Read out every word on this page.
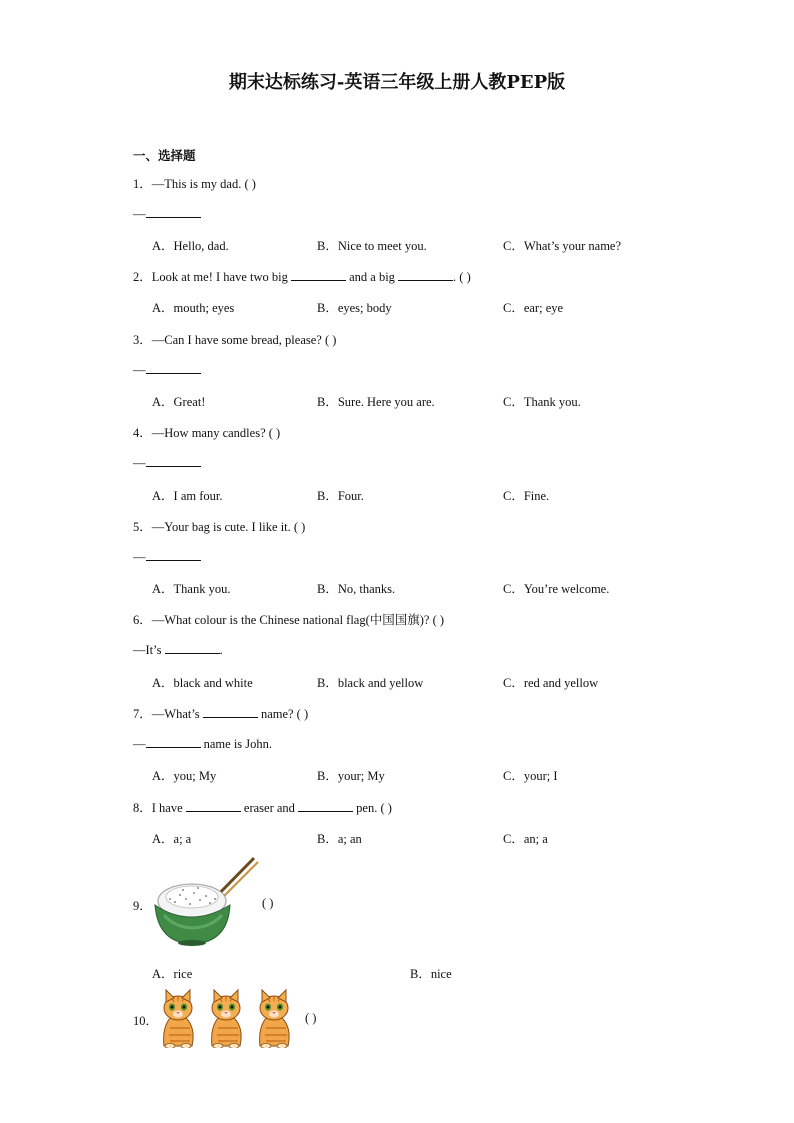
期末达标练习-英语三年级上册人教PEP版
一、选择题
1．—This is my dad. ( )
—
A．Hello, dad.	B．Nice to meet you.	C．What’s your name?
2．Look at me! I have two big	and a big	. ( )
A．mouth; eyes	B．eyes; body	C．ear; eye
3．—Can I have some bread, please? ( )
—
A．Great!	B．Sure. Here you are.	C．Thank you.
4．—How many candles? ( )
—
A．I am four.	B．Four.	C．Fine.
5．—Your bag is cute. I like it. ( )
—
A．Thank you.	B．No, thanks.	C．You’re welcome.
6．—What colour is the Chinese national flag(中国国旗)? ( )
—It’s	.
A．black and white	B．black and yellow	C．red and yellow
7．—What’s	name? ( )
—	name is John.
A．you; My	B．your; My	C．your; I
8．I have	eraser and	pen. ( )
A．a; a	B．a; an	C．an; a
9．	( )
A．rice	B．nice
10．	( )
